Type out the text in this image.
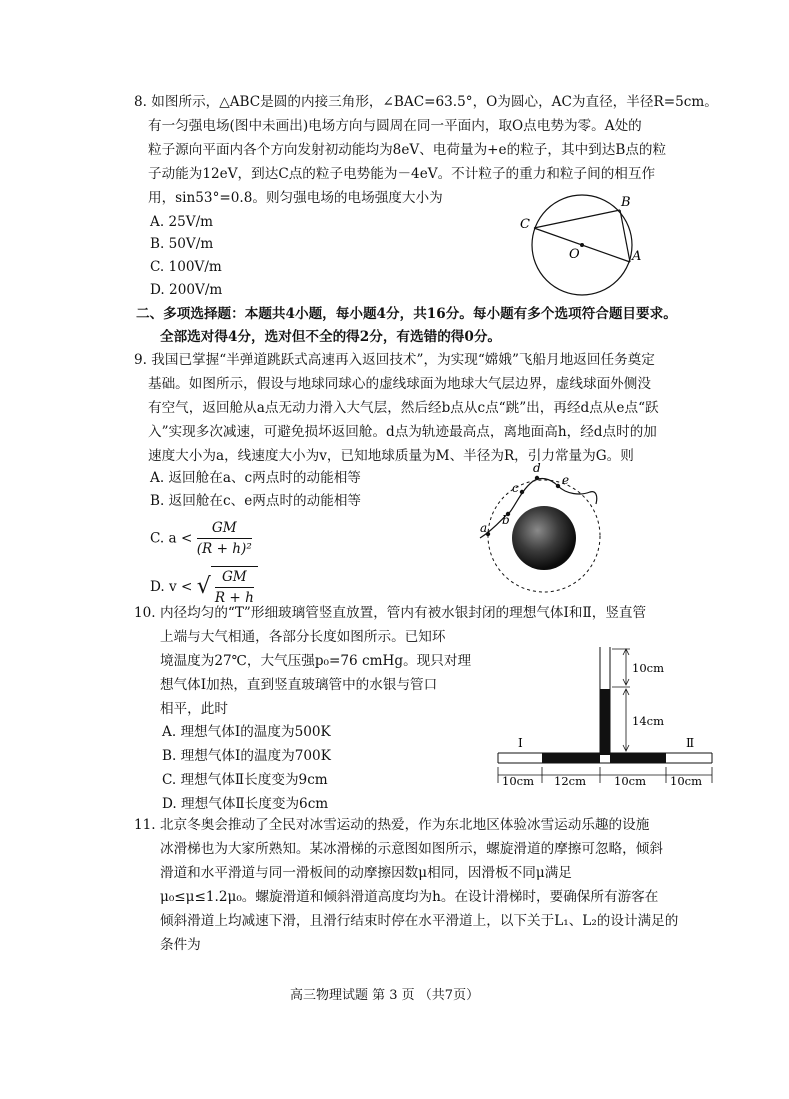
8. 如图所示，△ABC是圆的内接三角形，∠BAC=63.5°，O为圆心，AC为直径，半径R=5cm。
有一匀强电场(图中未画出)电场方向与圆周在同一平面内，取O点电势为零。A处的
粒子源向平面内各个方向发射初动能均为8eV、电荷量为+e的粒子，其中到达B点的粒
子动能为12eV，到达C点的粒子电势能为－4eV。不计粒子的重力和粒子间的相互作
用，sin53°=0.8。则匀强电场的电场强度大小为
A. 25V/m
B. 50V/m
C. 100V/m
D. 200V/m
C
B
O	A
二、多项选择题：本题共4小题，每小题4分，共16分。每小题有多个选项符合题目要求。
全部选对得4分，选对但不全的得2分，有选错的得0分。
9. 我国已掌握“半弹道跳跃式高速再入返回技术”，为实现“嫦娥”飞船月地返回任务奠定
基础。如图所示，假设与地球同球心的虚线球面为地球大气层边界，虚线球面外侧没
有空气，返回舱从a点无动力滑入大气层，然后经b点从c点“跳”出，再经d点从e点“跃
入”实现多次减速，可避免损坏返回舱。d点为轨迹最高点，离地面高h，经d点时的加
速度大小为a，线速度大小为v，已知地球质量为M、半径为R，引力常量为G。则
A. 返回舱在a、c两点时的动能相等
B. 返回舱在c、e两点时的动能相等
C. $a < \frac{GM}{\text{(R + h)²}}$
D. v < √ $\frac{GM}{R + h}$
a
b
c
d
e
10. 内径均匀的“T”形细玻璃管竖直放置，管内有被水银封闭的理想气体Ⅰ和Ⅱ，竖直管
上端与大气相通，各部分长度如图所示。已知环
境温度为27℃，大气压强p₀=76 cmHg。现只对理
想气体Ⅰ加热，直到竖直玻璃管中的水银与管口
相平，此时
A. 理想气体Ⅰ的温度为500K
B. 理想气体Ⅰ的温度为700K
C. 理想气体Ⅱ长度变为9cm
D. 理想气体Ⅱ长度变为6cm
10cm
14cm
Ⅰ	Ⅱ
10cm 12cm 10cm 10cm
11. 北京冬奥会推动了全民对冰雪运动的热爱，作为东北地区体验冰雪运动乐趣的设施
冰滑梯也为大家所熟知。某冰滑梯的示意图如图所示，螺旋滑道的摩擦可忽略，倾斜
滑道和水平滑道与同一滑板间的动摩擦因数μ相同，因滑板不同μ满足
μ₀≤μ≤1.2μ₀。螺旋滑道和倾斜滑道高度均为h。在设计滑梯时，要确保所有游客在
倾斜滑道上均减速下滑，且滑行结束时停在水平滑道上，以下关于L₁、L₂的设计满足的
条件为
高三物理试题 第 3 页 （共7页）
